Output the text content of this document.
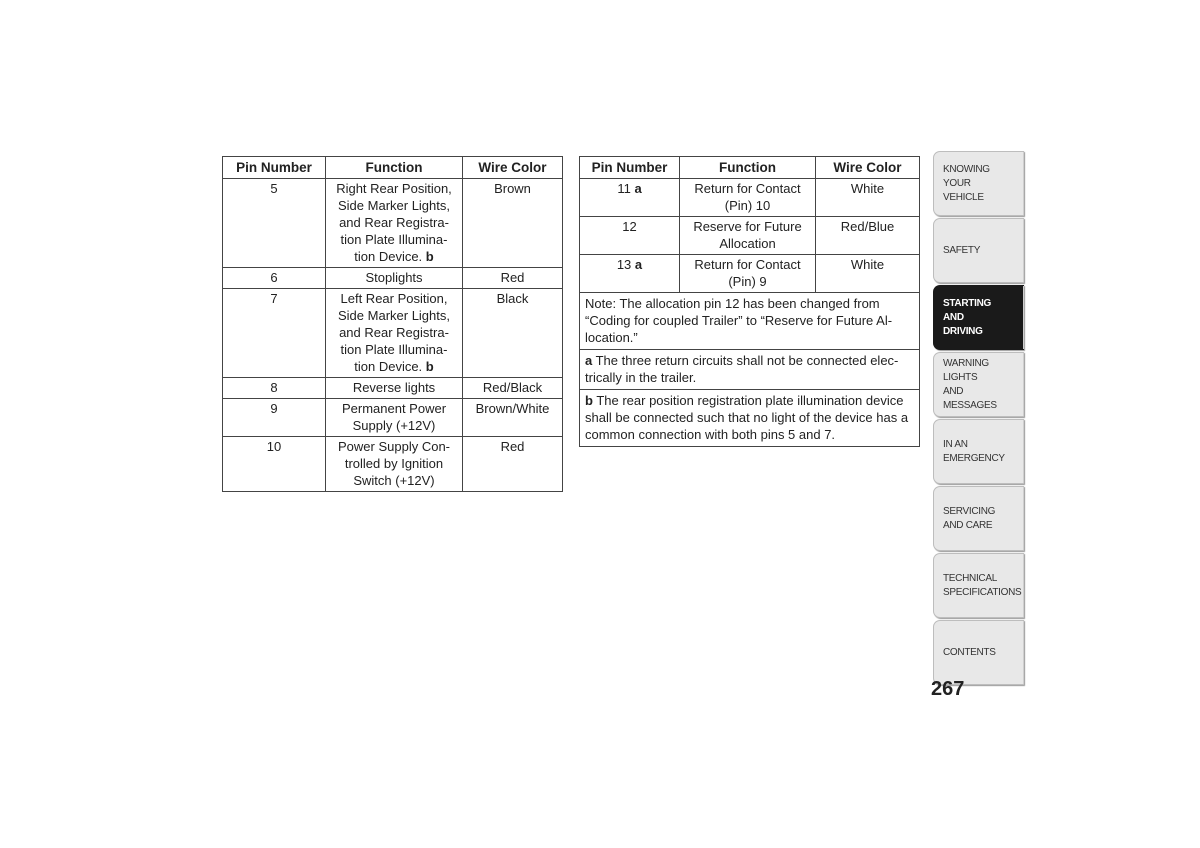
Pin Number	Function	Wire Color
5	Right Rear Position,
Side Marker Lights,
and Rear Registra-
tion Plate Illumina-
tion Device. b	Brown
6	Stoplights	Red
7	Left Rear Position,
Side Marker Lights,
and Rear Registra-
tion Plate Illumina-
tion Device. b	Black
8	Reverse lights	Red/Black
9	Permanent Power
Supply (+12V)	Brown/White
10	Power Supply Con-
trolled by Ignition
Switch (+12V)	Red
Pin Number	Function	Wire Color
11 a	Return for Contact
(Pin) 10	White
12	Reserve for Future
Allocation	Red/Blue
13 a	Return for Contact
(Pin) 9	White
Note: The allocation pin 12 has been changed from “Coding for coupled Trailer” to “Reserve for Future Al-location.”		
a The three return circuits shall not be connected elec-trically in the trailer.		
b The rear position registration plate illumination device shall be connected such that no light of the device has a common connection with both pins 5 and 7.		
KNOWING
YOUR
VEHICLE
SAFETY
STARTING
AND
DRIVING
WARNING
LIGHTS
AND
MESSAGES
IN AN
EMERGENCY
SERVICING
AND CARE
TECHNICAL
SPECIFICATIONS
CONTENTS
267
